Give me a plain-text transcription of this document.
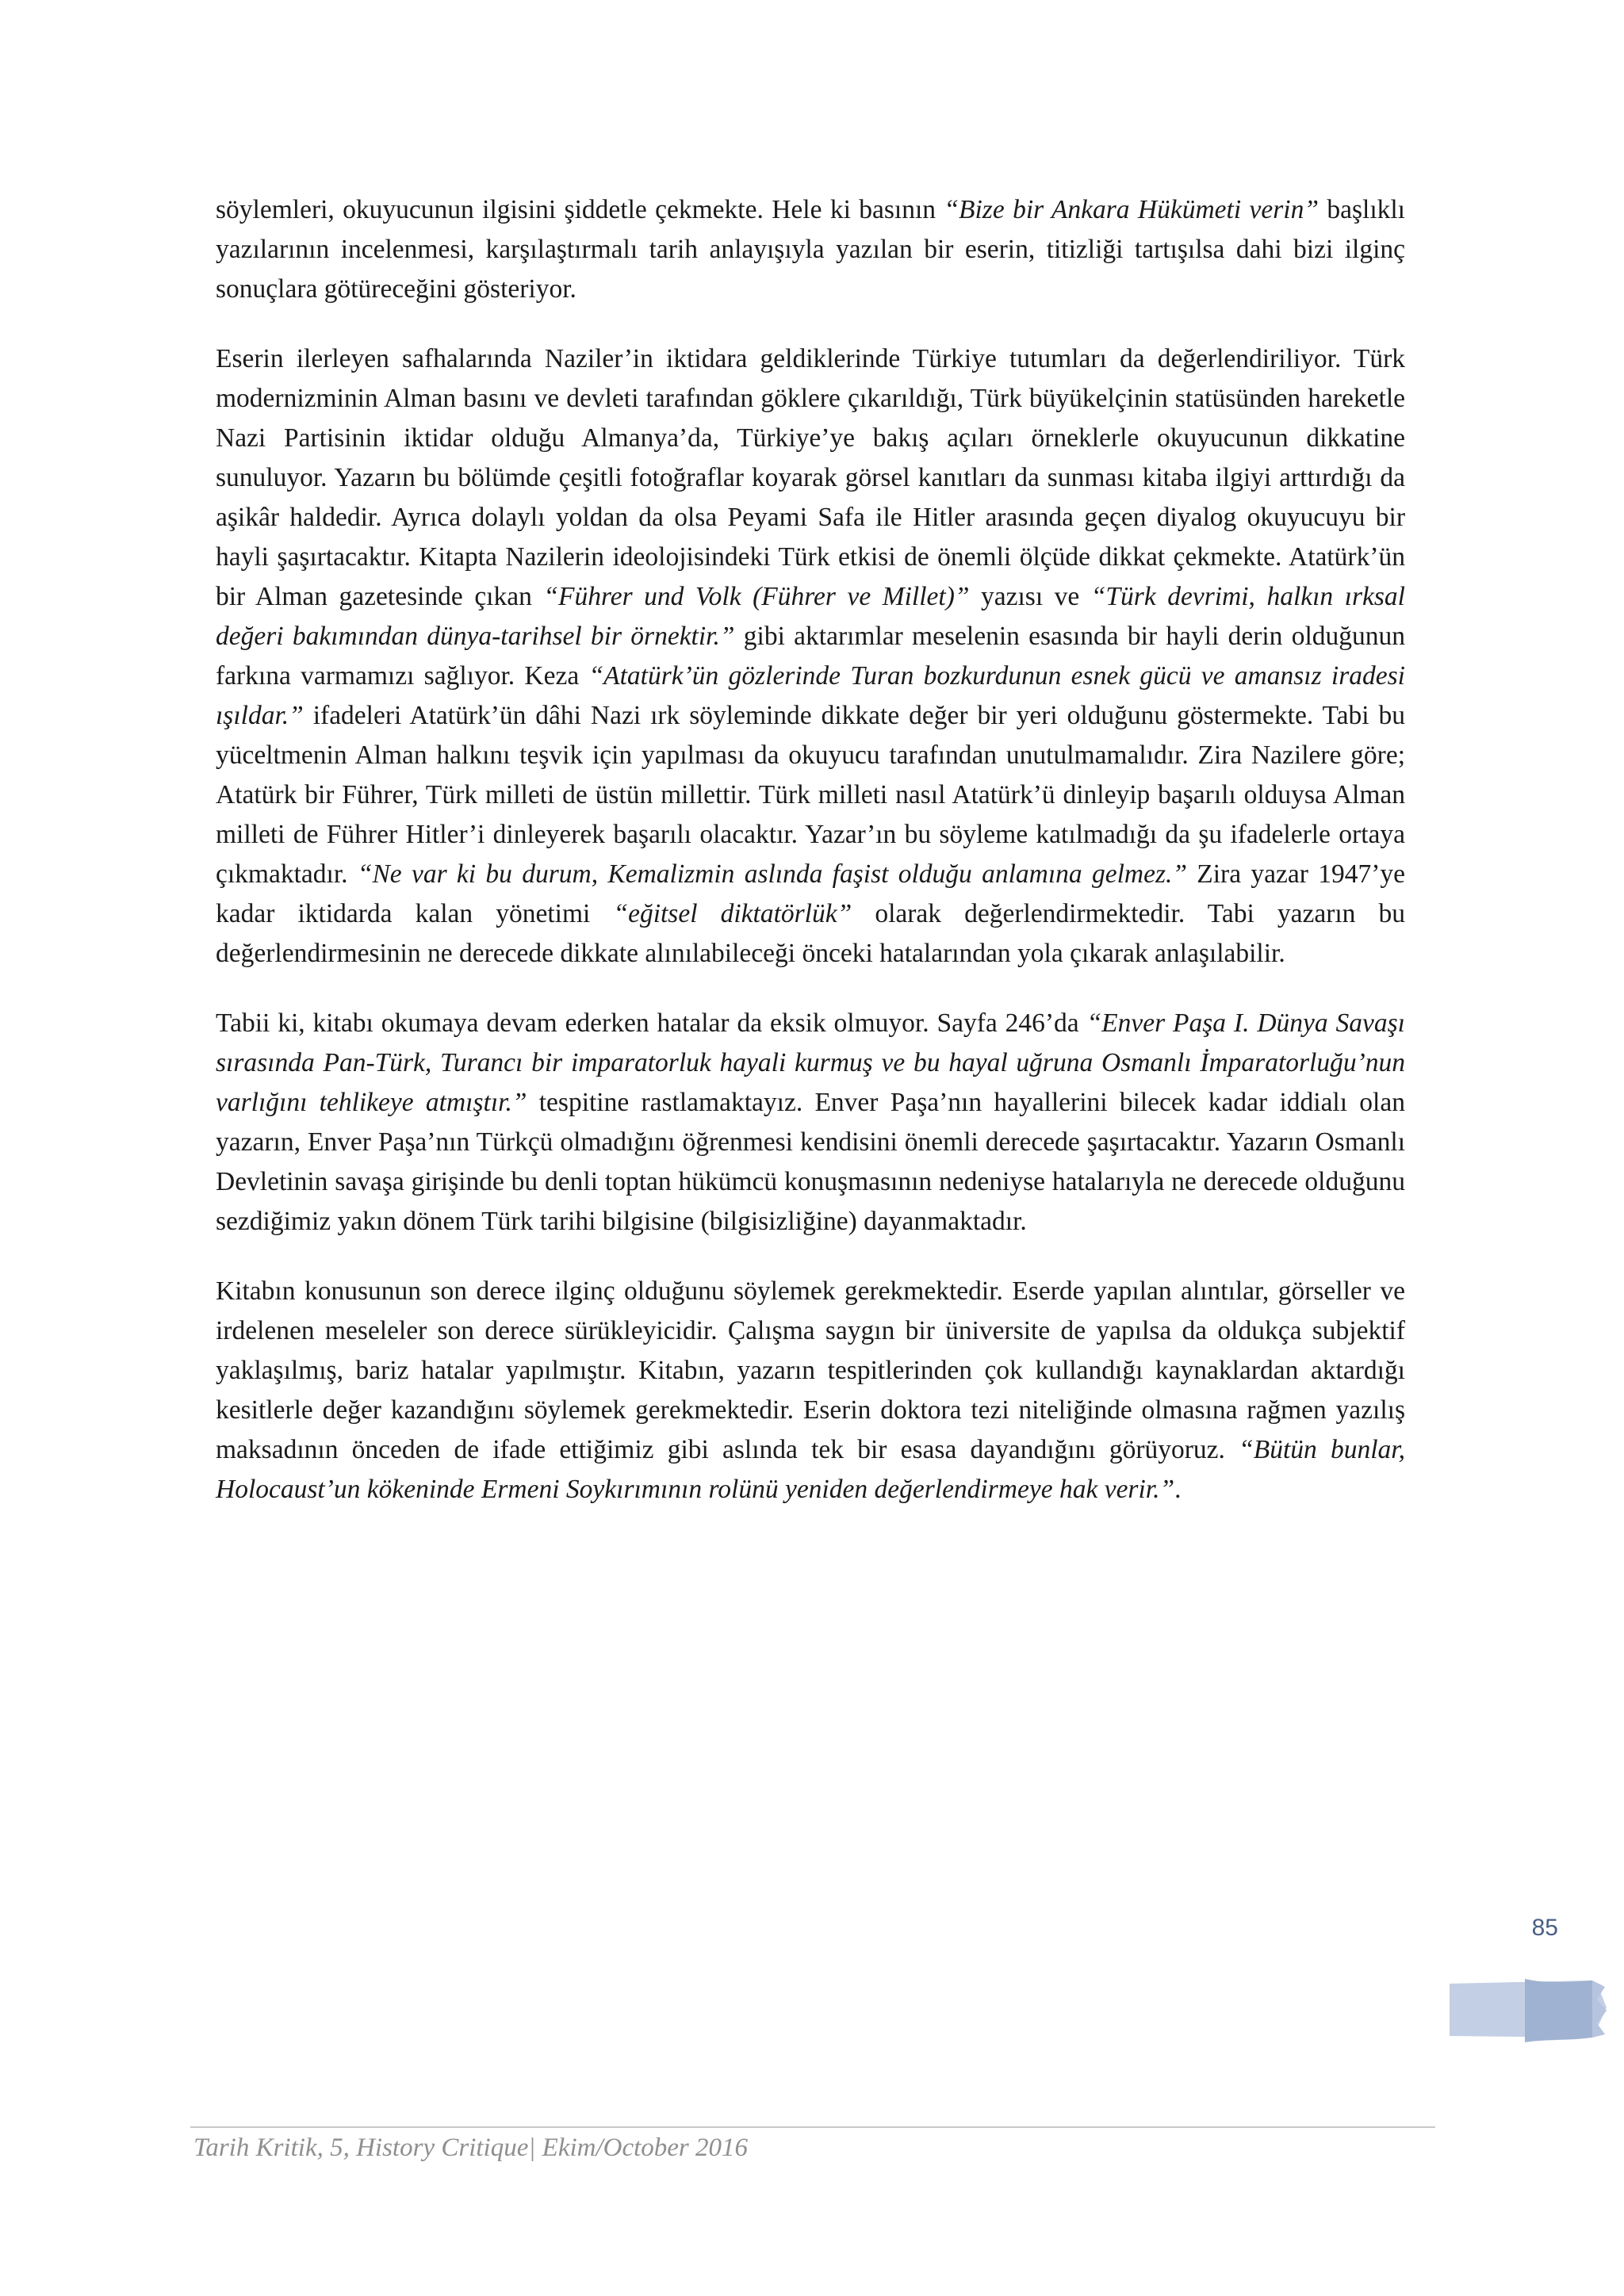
söylemleri, okuyucunun ilgisini şiddetle çekmekte. Hele ki basının “Bize bir Ankara Hükümeti verin” başlıklı yazılarının incelenmesi, karşılaştırmalı tarih anlayışıyla yazılan bir eserin, titizliği tartışılsa dahi bizi ilginç sonuçlara götüreceğini gösteriyor.

Eserin ilerleyen safhalarında Naziler’in iktidara geldiklerinde Türkiye tutumları da değerlendiriliyor. Türk modernizminin Alman basını ve devleti tarafından göklere çıkarıldığı, Türk büyükelçinin statüsünden hareketle Nazi Partisinin iktidar olduğu Almanya’da, Türkiye’ye bakış açıları örneklerle okuyucunun dikkatine sunuluyor. Yazarın bu bölümde çeşitli fotoğraflar koyarak görsel kanıtları da sunması kitaba ilgiyi arttırdığı da aşikâr haldedir. Ayrıca dolaylı yoldan da olsa Peyami Safa ile Hitler arasında geçen diyalog okuyucuyu bir hayli şaşırtacaktır. Kitapta Nazilerin ideolojisindeki Türk etkisi de önemli ölçüde dikkat çekmekte. Atatürk’ün bir Alman gazetesinde çıkan “Führer und Volk (Führer ve Millet)” yazısı ve “Türk devrimi, halkın ırksal değeri bakımından dünya-tarihsel bir örnektir.” gibi aktarımlar meselenin esasında bir hayli derin olduğunun farkına varmamızı sağlıyor. Keza “Atatürk’ün gözlerinde Turan bozkurdunun esnek gücü ve amansız iradesi ışıldar.” ifadeleri Atatürk’ün dâhi Nazi ırk söyleminde dikkate değer bir yeri olduğunu göstermekte. Tabi bu yüceltmenin Alman halkını teşvik için yapılması da okuyucu tarafından unutulmamalıdır. Zira Nazilere göre; Atatürk bir Führer, Türk milleti de üstün millettir. Türk milleti nasıl Atatürk’ü dinleyip başarılı olduysa Alman milleti de Führer Hitler’i dinleyerek başarılı olacaktır. Yazar’ın bu söyleme katılmadığı da şu ifadelerle ortaya çıkmaktadır. “Ne var ki bu durum, Kemalizmin aslında faşist olduğu anlamına gelmez.” Zira yazar 1947’ye kadar iktidarda kalan yönetimi “eğitsel diktatörlük” olarak değerlendirmektedir. Tabi yazarın bu değerlendirmesinin ne derecede dikkate alınılabileceği önceki hatalarından yola çıkarak anlaşılabilir.

Tabii ki, kitabı okumaya devam ederken hatalar da eksik olmuyor. Sayfa 246’da “Enver Paşa I. Dünya Savaşı sırasında Pan-Türk, Turancı bir imparatorluk hayali kurmuş ve bu hayal uğruna Osmanlı İmparatorluğu’nun varlığını tehlikeye atmıştır.” tespitine rastlamaktayız. Enver Paşa’nın hayallerini bilecek kadar iddialı olan yazarın, Enver Paşa’nın Türkçü olmadığını öğrenmesi kendisini önemli derecede şaşırtacaktır. Yazarın Osmanlı Devletinin savaşa girişinde bu denli toptan hükümcü konuşmasının nedeniyse hatalarıyla ne derecede olduğunu sezdiğimiz yakın dönem Türk tarihi bilgisine (bilgisizliğine) dayanmaktadır.

Kitabın konusunun son derece ilginç olduğunu söylemek gerekmektedir. Eserde yapılan alıntılar, görseller ve irdelenen meseleler son derece sürükleyicidir. Çalışma saygın bir üniversite de yapılsa da oldukça subjektif yaklaşılmış, bariz hatalar yapılmıştır. Kitabın, yazarın tespitlerinden çok kullandığı kaynaklardan aktardığı kesitlerle değer kazandığını söylemek gerekmektedir. Eserin doktora tezi niteliğinde olmasına rağmen yazılış maksadının önceden de ifade ettiğimiz gibi aslında tek bir esasa dayandığını görüyoruz. “Bütün bunlar, Holocaust’un kökeninde Ermeni Soykırımının rolünü yeniden değerlendirmeye hak verir.”.

85
Tarih Kritik, 5, History Critique| Ekim/October 2016
